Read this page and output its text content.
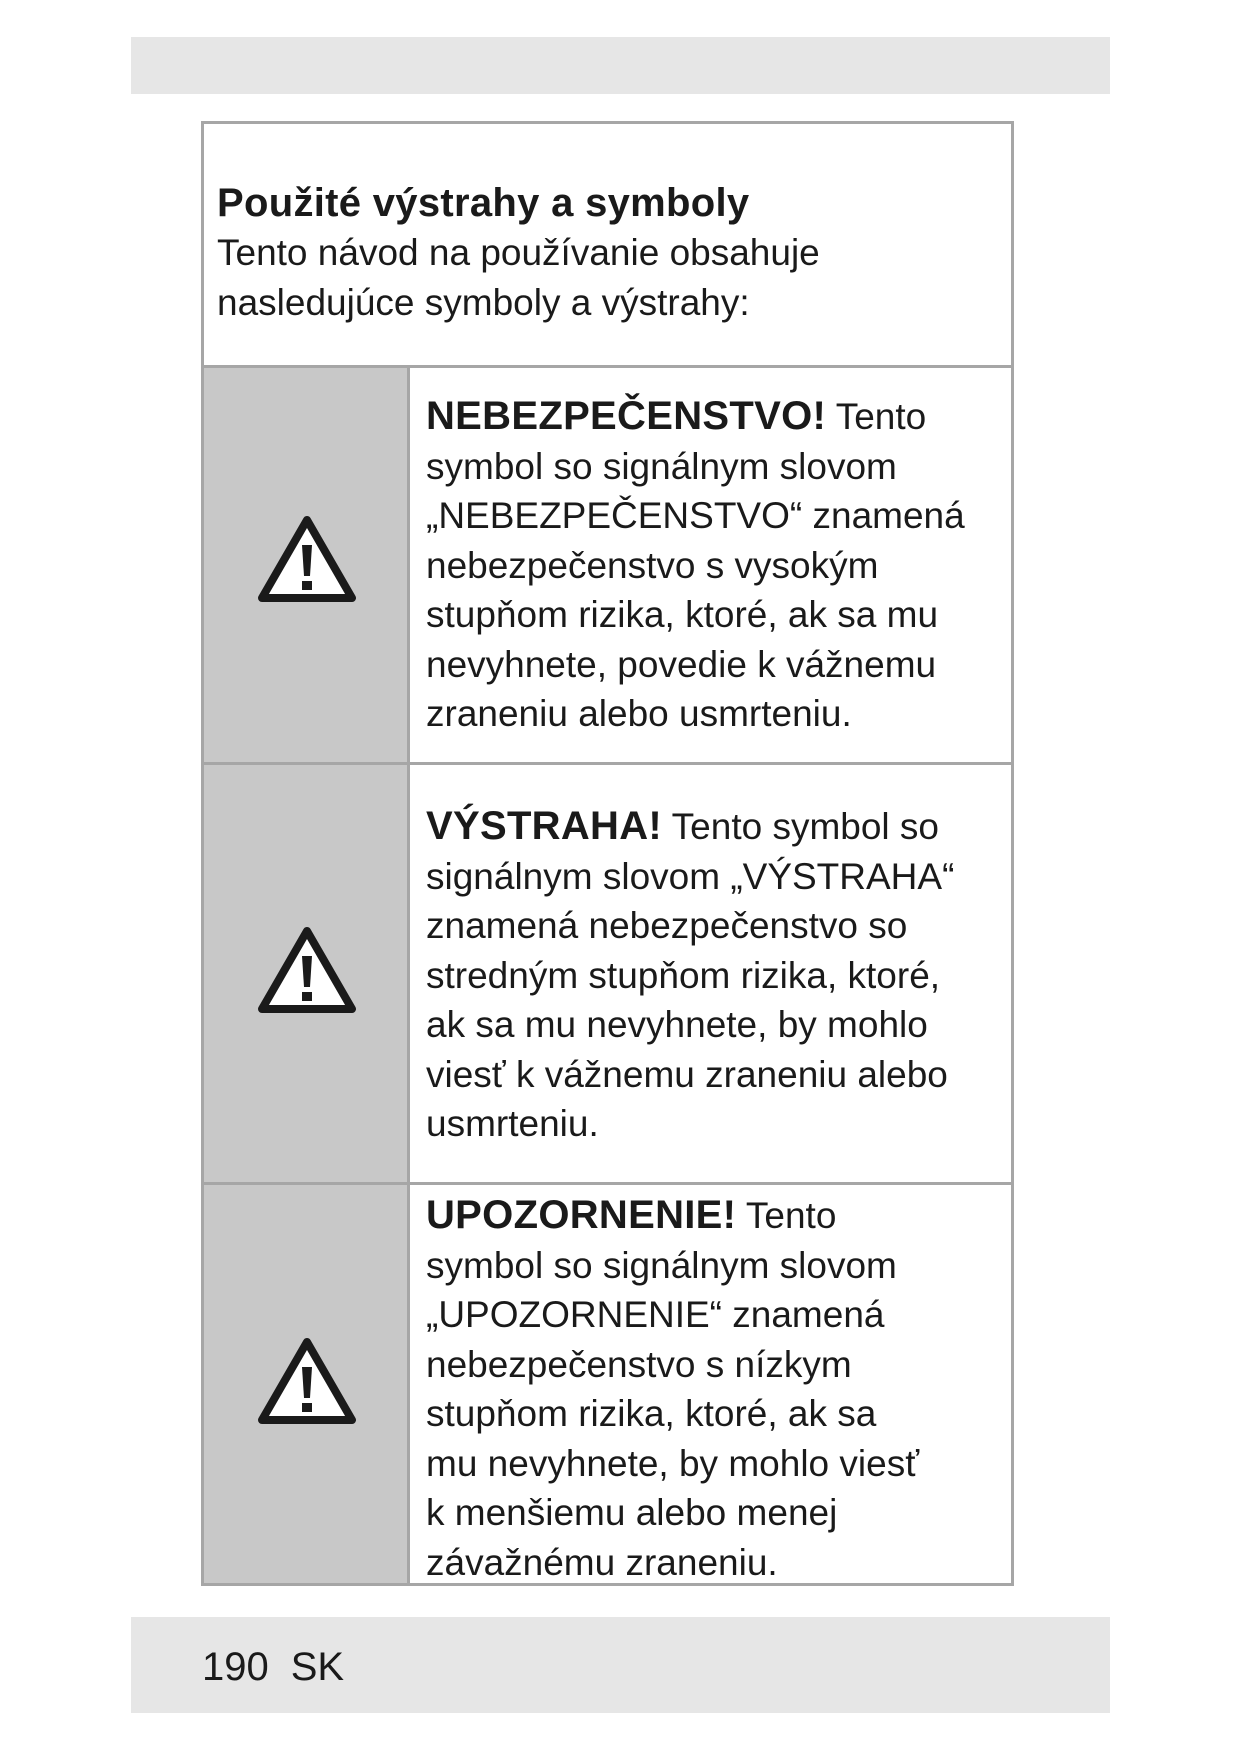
Použité výstrahy a symboly
Tento návod na používanie obsahuje
nasledujúce symboly a výstrahy:
NEBEZPEČENSTVO! Tento
symbol so signálnym slovom
„NEBEZPEČENSTVO“ znamená
nebezpečenstvo s vysokým
stupňom rizika, ktoré, ak sa mu
nevyhnete, povedie k vážnemu
zraneniu alebo usmrteniu.
VÝSTRAHA! Tento symbol so
signálnym slovom „VÝSTRAHA“
znamená nebezpečenstvo so
stredným stupňom rizika, ktoré,
ak sa mu nevyhnete, by mohlo
viesť k vážnemu zraneniu alebo
usmrteniu.
UPOZORNENIE! Tento
symbol so signálnym slovom
„UPOZORNENIE“ znamená
nebezpečenstvo s nízkym
stupňom rizika, ktoré, ak sa
mu nevyhnete, by mohlo viesť
k menšiemu alebo menej
závažnému zraneniu.
190 SK
